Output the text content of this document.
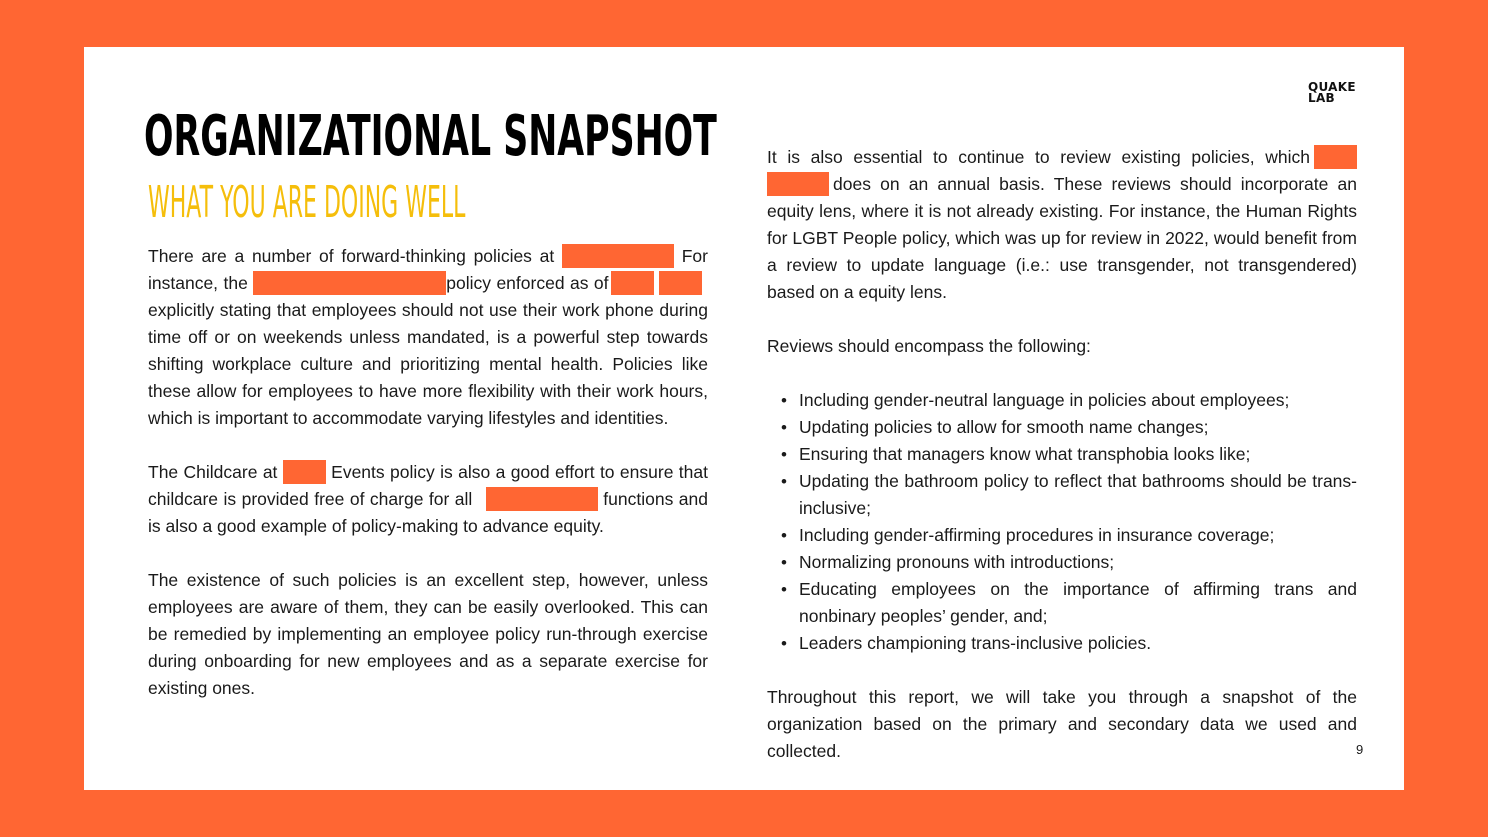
QUAKE
LAB
ORGANIZATIONAL SNAPSHOT
WHAT YOU ARE DOING WELL

There are a number of forward-thinking policies at	For instance, the	policy enforced as of explicitly stating that employees should not use their work phone during time off or on weekends unless mandated, is a powerful step towards shifting workplace culture and prioritizing mental health. Policies like these allow for employees to have more flexibility with their work hours, which is important to accommodate varying lifestyles and identities.

The Childcare at	Events policy is also a good effort to ensure that childcare is provided free of charge for all	functions and is also a good example of policy-making to advance equity.

The existence of such policies is an excellent step, however, unless employees are aware of them, they can be easily overlooked. This can be remedied by implementing an employee policy run-through exercise during onboarding for new employees and as a separate exercise for existing ones.

It is also essential to continue to review existing policies, which does on an annual basis. These reviews should incorporate an equity lens, where it is not already existing. For instance, the Human Rights for LGBT People policy, which was up for review in 2022, would benefit from a review to update language (i.e.: use transgender, not transgendered) based on a equity lens.

Reviews should encompass the following:

• Including gender-neutral language in policies about employees;
• Updating policies to allow for smooth name changes;
• Ensuring that managers know what transphobia looks like;
• Updating the bathroom policy to reflect that bathrooms should be trans-inclusive;
• Including gender-affirming procedures in insurance coverage;
• Normalizing pronouns with introductions;
• Educating employees on the importance of affirming trans and nonbinary peoples’ gender, and;
• Leaders championing trans-inclusive policies.

Throughout this report, we will take you through a snapshot of the organization based on the primary and secondary data we used and collected.	9
